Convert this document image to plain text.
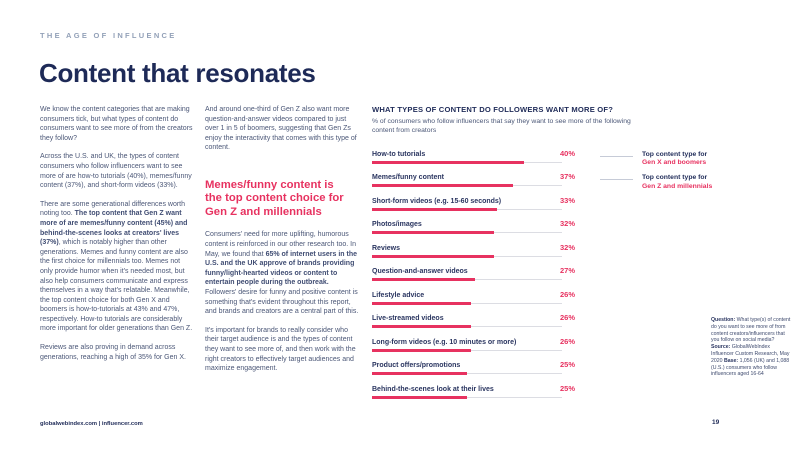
THE AGE OF INFLUENCE
Content that resonates

We know the content categories that are making consumers tick, but what types of content do consumers want to see more of from the creators they follow?

Across the U.S. and UK, the types of content consumers who follow influencers want to see more of are how-to tutorials (40%), memes/funny content (37%), and short-form videos (33%).

There are some generational differences worth noting too. The top content that Gen Z want more of are memes/funny content (45%) and behind-the-scenes looks at creators' lives (37%), which is notably higher than other generations. Memes and funny content are also the first choice for millennials too. Memes not only provide humor when it's needed most, but also help consumers communicate and express themselves in a way that's relatable. Meanwhile, the top content choice for both Gen X and boomers is how-to-tutorials at 43% and 47%, respectively. How-to tutorials are considerably more important for older generations than Gen Z.

Reviews are also proving in demand across generations, reaching a high of 35% for Gen X.

And around one-third of Gen Z also want more question-and-answer videos compared to just over 1 in 5 of boomers, suggesting that Gen Zs enjoy the interactivity that comes with this type of content.

Memes/funny content is the top content choice for Gen Z and millennials

Consumers' need for more uplifting, humorous content is reinforced in our other research too. In May, we found that 65% of internet users in the U.S. and the UK approve of brands providing funny/light-hearted videos or content to entertain people during the outbreak. Followers' desire for funny and positive content is something that's evident throughout this report, and brands and creators are a central part of this.

It's important for brands to really consider who their target audience is and the types of content they want to see more of, and then work with the right creators to effectively target audiences and maximize engagement.

WHAT TYPES OF CONTENT DO FOLLOWERS WANT MORE OF?
% of consumers who follow influencers that say they want to see more of the following content from creators
How-to tutorials	40%	Top content type for
Gen X and boomers
Memes/funny content	37%	Top content type for
Gen Z and millennials
Short-form videos (e.g. 15-60 seconds)	33%
Photos/images	32%
Reviews	32%
Question-and-answer videos	27%
Lifestyle advice	26%
Live-streamed videos	26%
Long-form videos (e.g. 10 minutes or more)	26%
Product offers/promotions	25%
Behind-the-scenes look at their lives	25%
Question: What type(s) of content do you want to see more of from content creators/influencers that you follow on social media? Source: GlobalWebIndex Influencer Custom Research, May 2020 Base: 1,056 (UK) and 1,088 (U.S.) consumers who follow influencers aged 16-64
globalwebindex.com | influencer.com	19
